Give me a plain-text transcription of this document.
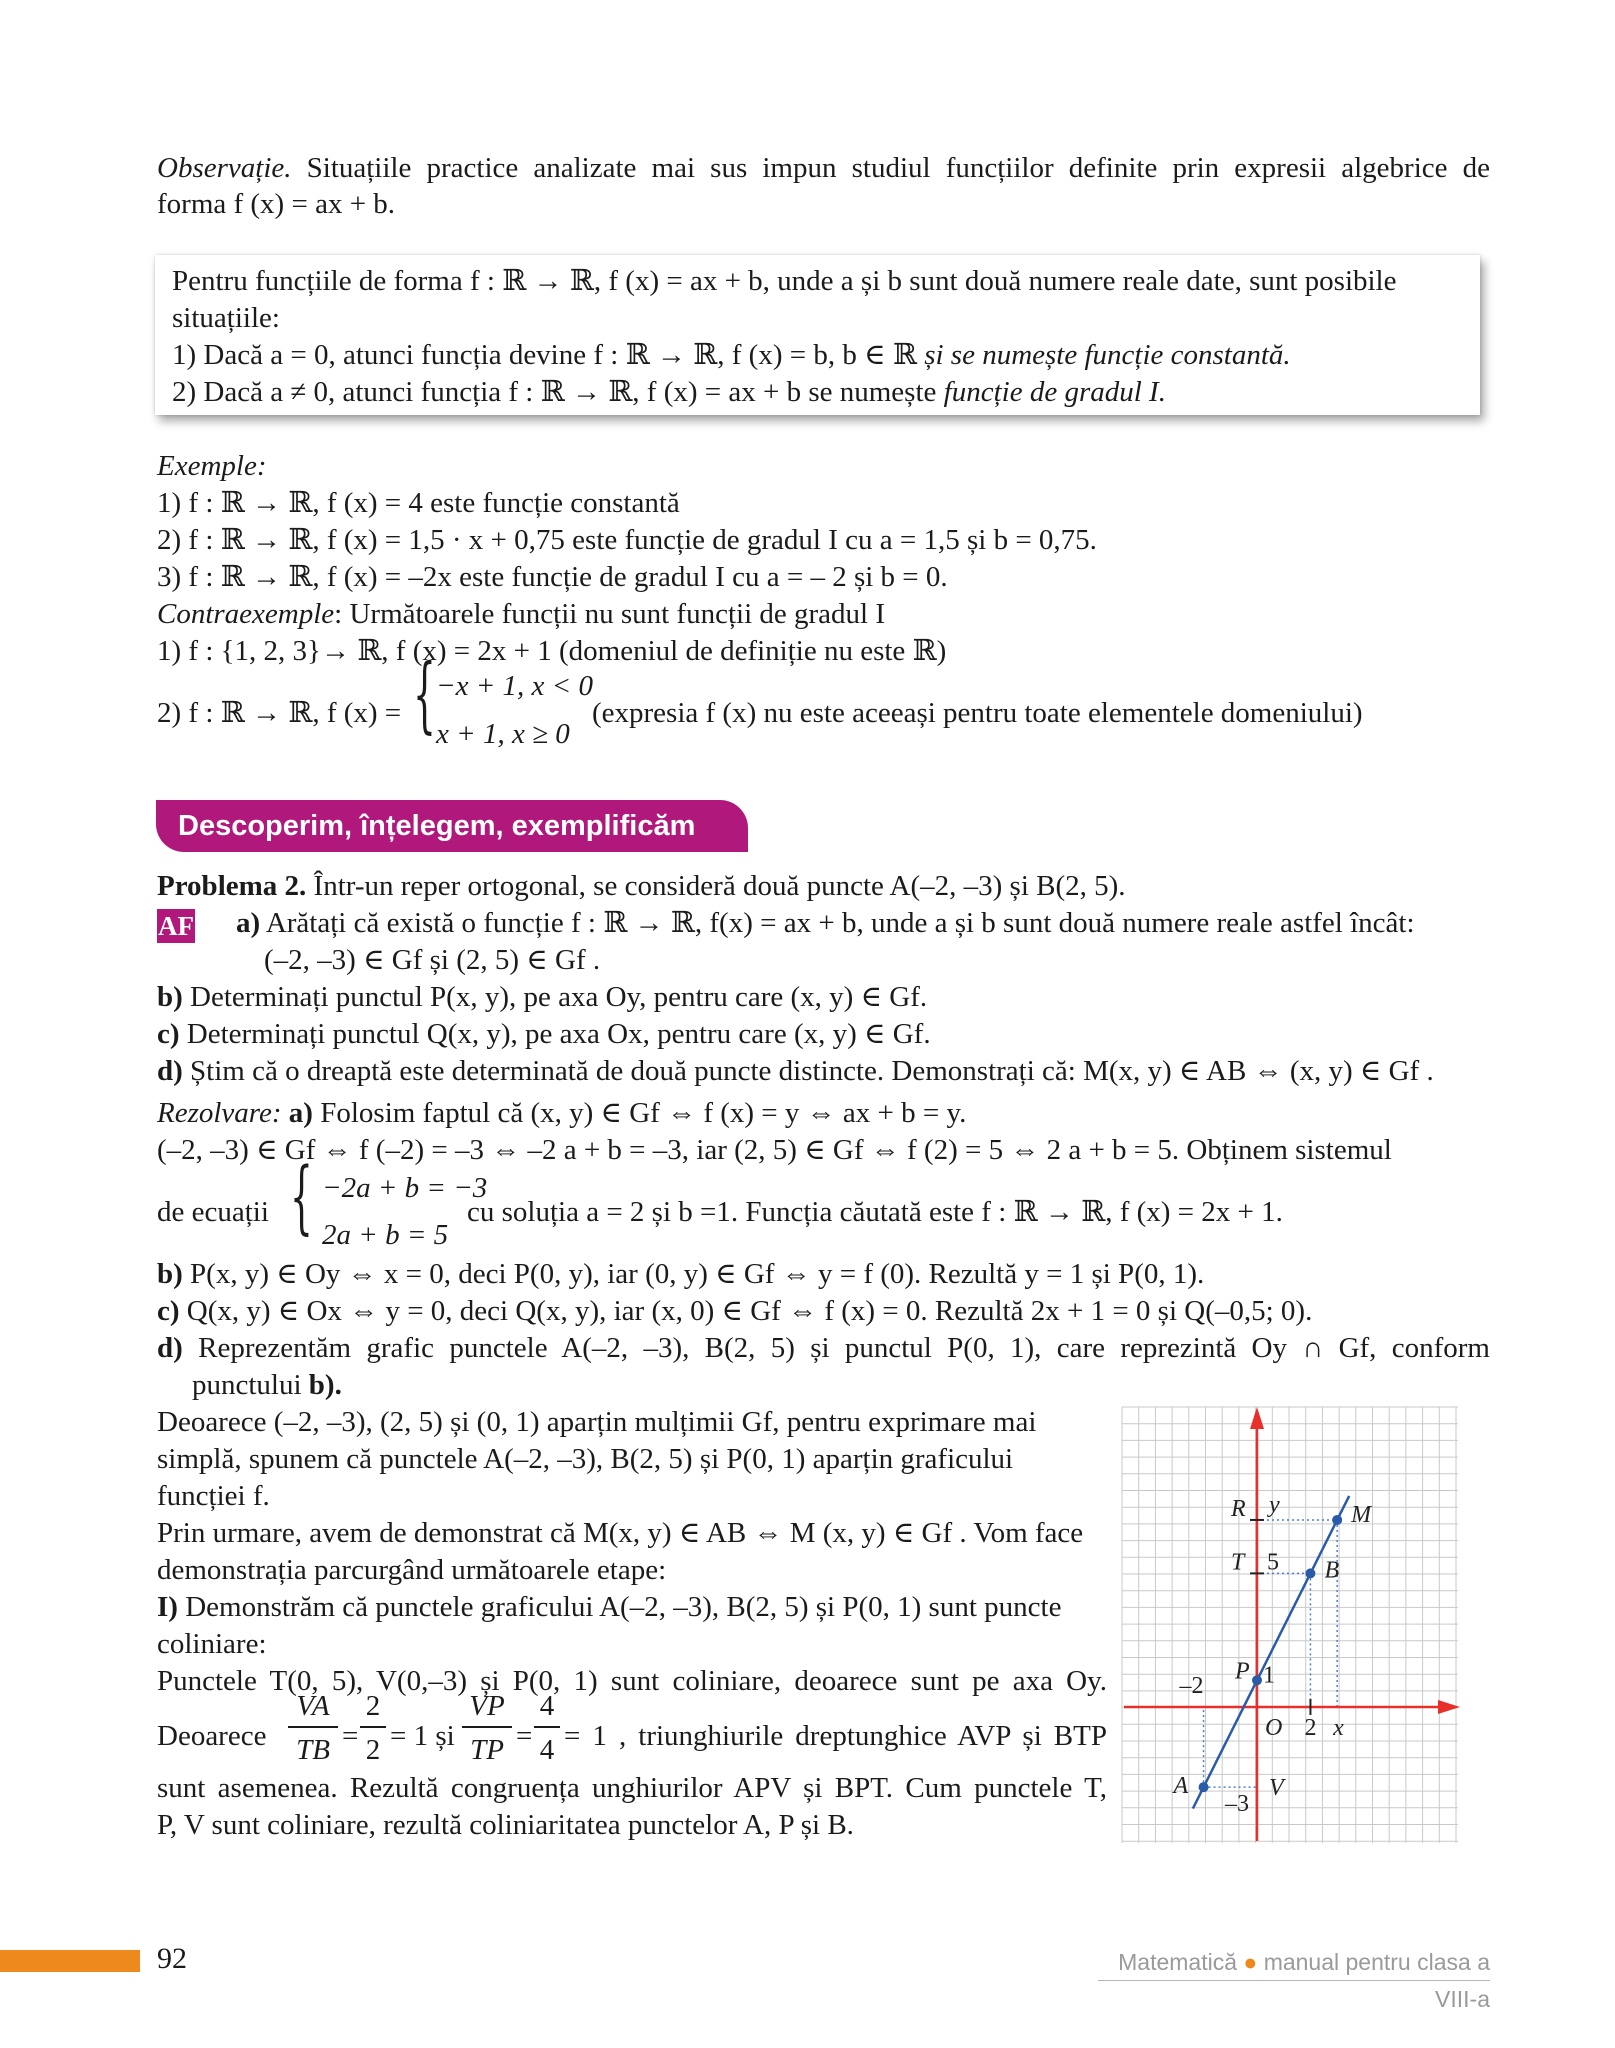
Observație. Situațiile practice analizate mai sus impun studiul funcțiilor definite prin expresii algebrice de
forma f (x) = ax + b.
Pentru funcțiile de forma f : ℝ → ℝ, f (x) = ax + b, unde a și b sunt două numere reale date, sunt posibile
situațiile:
1) Dacă a = 0, atunci funcția devine f : ℝ → ℝ, f (x) = b, b ∈ ℝ și se numește funcție constantă.
2) Dacă a ≠ 0, atunci funcția f : ℝ → ℝ, f (x) = ax + b se numește funcție de gradul I.
Exemple:
1) f : ℝ → ℝ, f (x) = 4 este funcție constantă
2) f : ℝ → ℝ, f (x) = 1,5 · x + 0,75 este funcție de gradul I cu a = 1,5 și b = 0,75.
3) f : ℝ → ℝ, f (x) = –2x este funcție de gradul I cu a = – 2 și b = 0.
Contraexemple: Următoarele funcții nu sunt funcții de gradul I
1) f : {1, 2, 3}→ ℝ, f (x) = 2x + 1 (domeniul de definiție nu este ℝ)
2) f : ℝ → ℝ, f (x) = { −x + 1, x < 0
x + 1, x ≥ 0
(expresia f (x) nu este aceeași pentru toate elementele domeniului)
Descoperim, înțelegem, exemplificăm
Problema 2. Într-un reper ortogonal, se consideră două puncte A(–2, –3) și B(2, 5).
AF a) Arătați că există o funcție f : ℝ → ℝ, f(x) = ax + b, unde a și b sunt două numere reale astfel încât:
(–2, –3) ∈ Gf și (2, 5) ∈ Gf .
b) Determinați punctul P(x, y), pe axa Oy, pentru care (x, y) ∈ Gf.
c) Determinați punctul Q(x, y), pe axa Ox, pentru care (x, y) ∈ Gf.
d) Știm că o dreaptă este determinată de două puncte distincte. Demonstrați că: M(x, y) ∈ AB ⇔ (x, y) ∈ Gf .
Rezolvare: a) Folosim faptul că (x, y) ∈ Gf ⇔ f (x) = y ⇔ ax + b = y.
(–2, –3) ∈ Gf ⇔ f (–2) = –3 ⇔ –2 a + b = –3, iar (2, 5) ∈ Gf ⇔ f (2) = 5 ⇔ 2 a + b = 5. Obținem sistemul
de ecuații { −2a + b = −3
2a + b = 5
cu soluția a = 2 și b =1. Funcția căutată este f : ℝ → ℝ, f (x) = 2x + 1.
b) P(x, y) ∈ Oy ⇔ x = 0, deci P(0, y), iar (0, y) ∈ Gf ⇔ y = f (0). Rezultă y = 1 și P(0, 1).
c) Q(x, y) ∈ Ox ⇔ y = 0, deci Q(x, y), iar (x, 0) ∈ Gf ⇔ f (x) = 0. Rezultă 2x + 1 = 0 și Q(–0,5; 0).
d) Reprezentăm grafic punctele A(–2, –3), B(2, 5) și punctul P(0, 1), care reprezintă Oy ∩ Gf, conform
punctului b).
Deoarece (–2, –3), (2, 5) și (0, 1) aparțin mulțimii Gf, pentru exprimare mai
simplă, spunem că punctele A(–2, –3), B(2, 5) și P(0, 1) aparțin graficului
funcției f.
Prin urmare, avem de demonstrat că M(x, y) ∈ AB ⇔ M (x, y) ∈ Gf . Vom face
demonstrația parcurgând următoarele etape:
I) Demonstrăm că punctele graficului A(–2, –3), B(2, 5) și P(0, 1) sunt puncte
coliniare:
Punctele T(0, 5), V(0,–3) și P(0, 1) sunt coliniare, deoarece sunt pe axa Oy.
Deoarece
VA
TB =
2
2 = 1 și
VP
TP =
4
4 = 1 , triunghiurile dreptunghice AVP și BTP
sunt asemenea. Rezultă congruența unghiurilor APV și BPT. Cum punctele T,
P, V sunt coliniare, rezultă coliniaritatea punctelor A, P și B.
R y	M
T 5 B
P 1
–2
O 2 x
A
–3
V
92	Matematică ● manual pentru clasa a VIII-a
